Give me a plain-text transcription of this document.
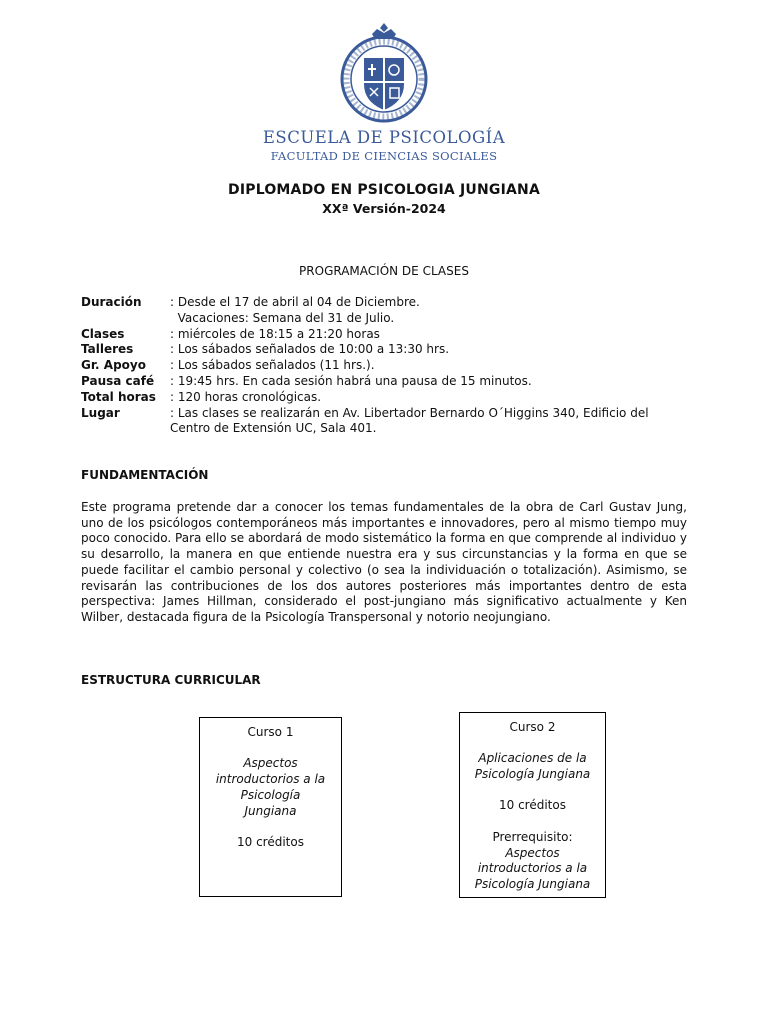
ESCUELA DE PSICOLOGÍA
FACULTAD DE CIENCIAS SOCIALES
DIPLOMADO EN PSICOLOGIA JUNGIANA
XXª Versión-2024
PROGRAMACIÓN DE CLASES
Duración : Desde el 17 de abril al 04 de Diciembre.
Vacaciones: Semana del 31 de Julio.
Clases	: miércoles de 18:15 a 21:20 horas
Talleres	: Los sábados señalados de 10:00 a 13:30 hrs.
Gr. Apoyo : Los sábados señalados (11 hrs.).
Pausa café : 19:45 hrs. En cada sesión habrá una pausa de 15 minutos.
Total horas : 120 horas cronológicas.
Lugar	: Las clases se realizarán en Av. Libertador Bernardo O´Higgins 340, Edificio del Centro de Extensión UC, Sala 401.
FUNDAMENTACIÓN
Este programa pretende dar a conocer los temas fundamentales de la obra de Carl Gustav Jung, uno de los psicólogos contemporáneos más importantes e innovadores, pero al mismo tiempo muy poco conocido. Para ello se abordará de modo sistemático la forma en que comprende al individuo y su desarrollo, la manera en que entiende nuestra era y sus circunstancias y la forma en que se puede facilitar el cambio personal y colectivo (o sea la individuación o totalización). Asimismo, se revisarán las contribuciones de los dos autores posteriores más importantes dentro de esta perspectiva: James Hillman, considerado el post-jungiano más significativo actualmente y Ken Wilber, destacada figura de la Psicología Transpersonal y notorio neojungiano.
ESTRUCTURA CURRICULAR
Curso 1
Aspectos
introductorios a la
Psicología
Jungiana
10 créditos
Curso 2
Aplicaciones de la
Psicología Jungiana
10 créditos
Prerrequisito:
Aspectos
introductorios a la
Psicología Jungiana
